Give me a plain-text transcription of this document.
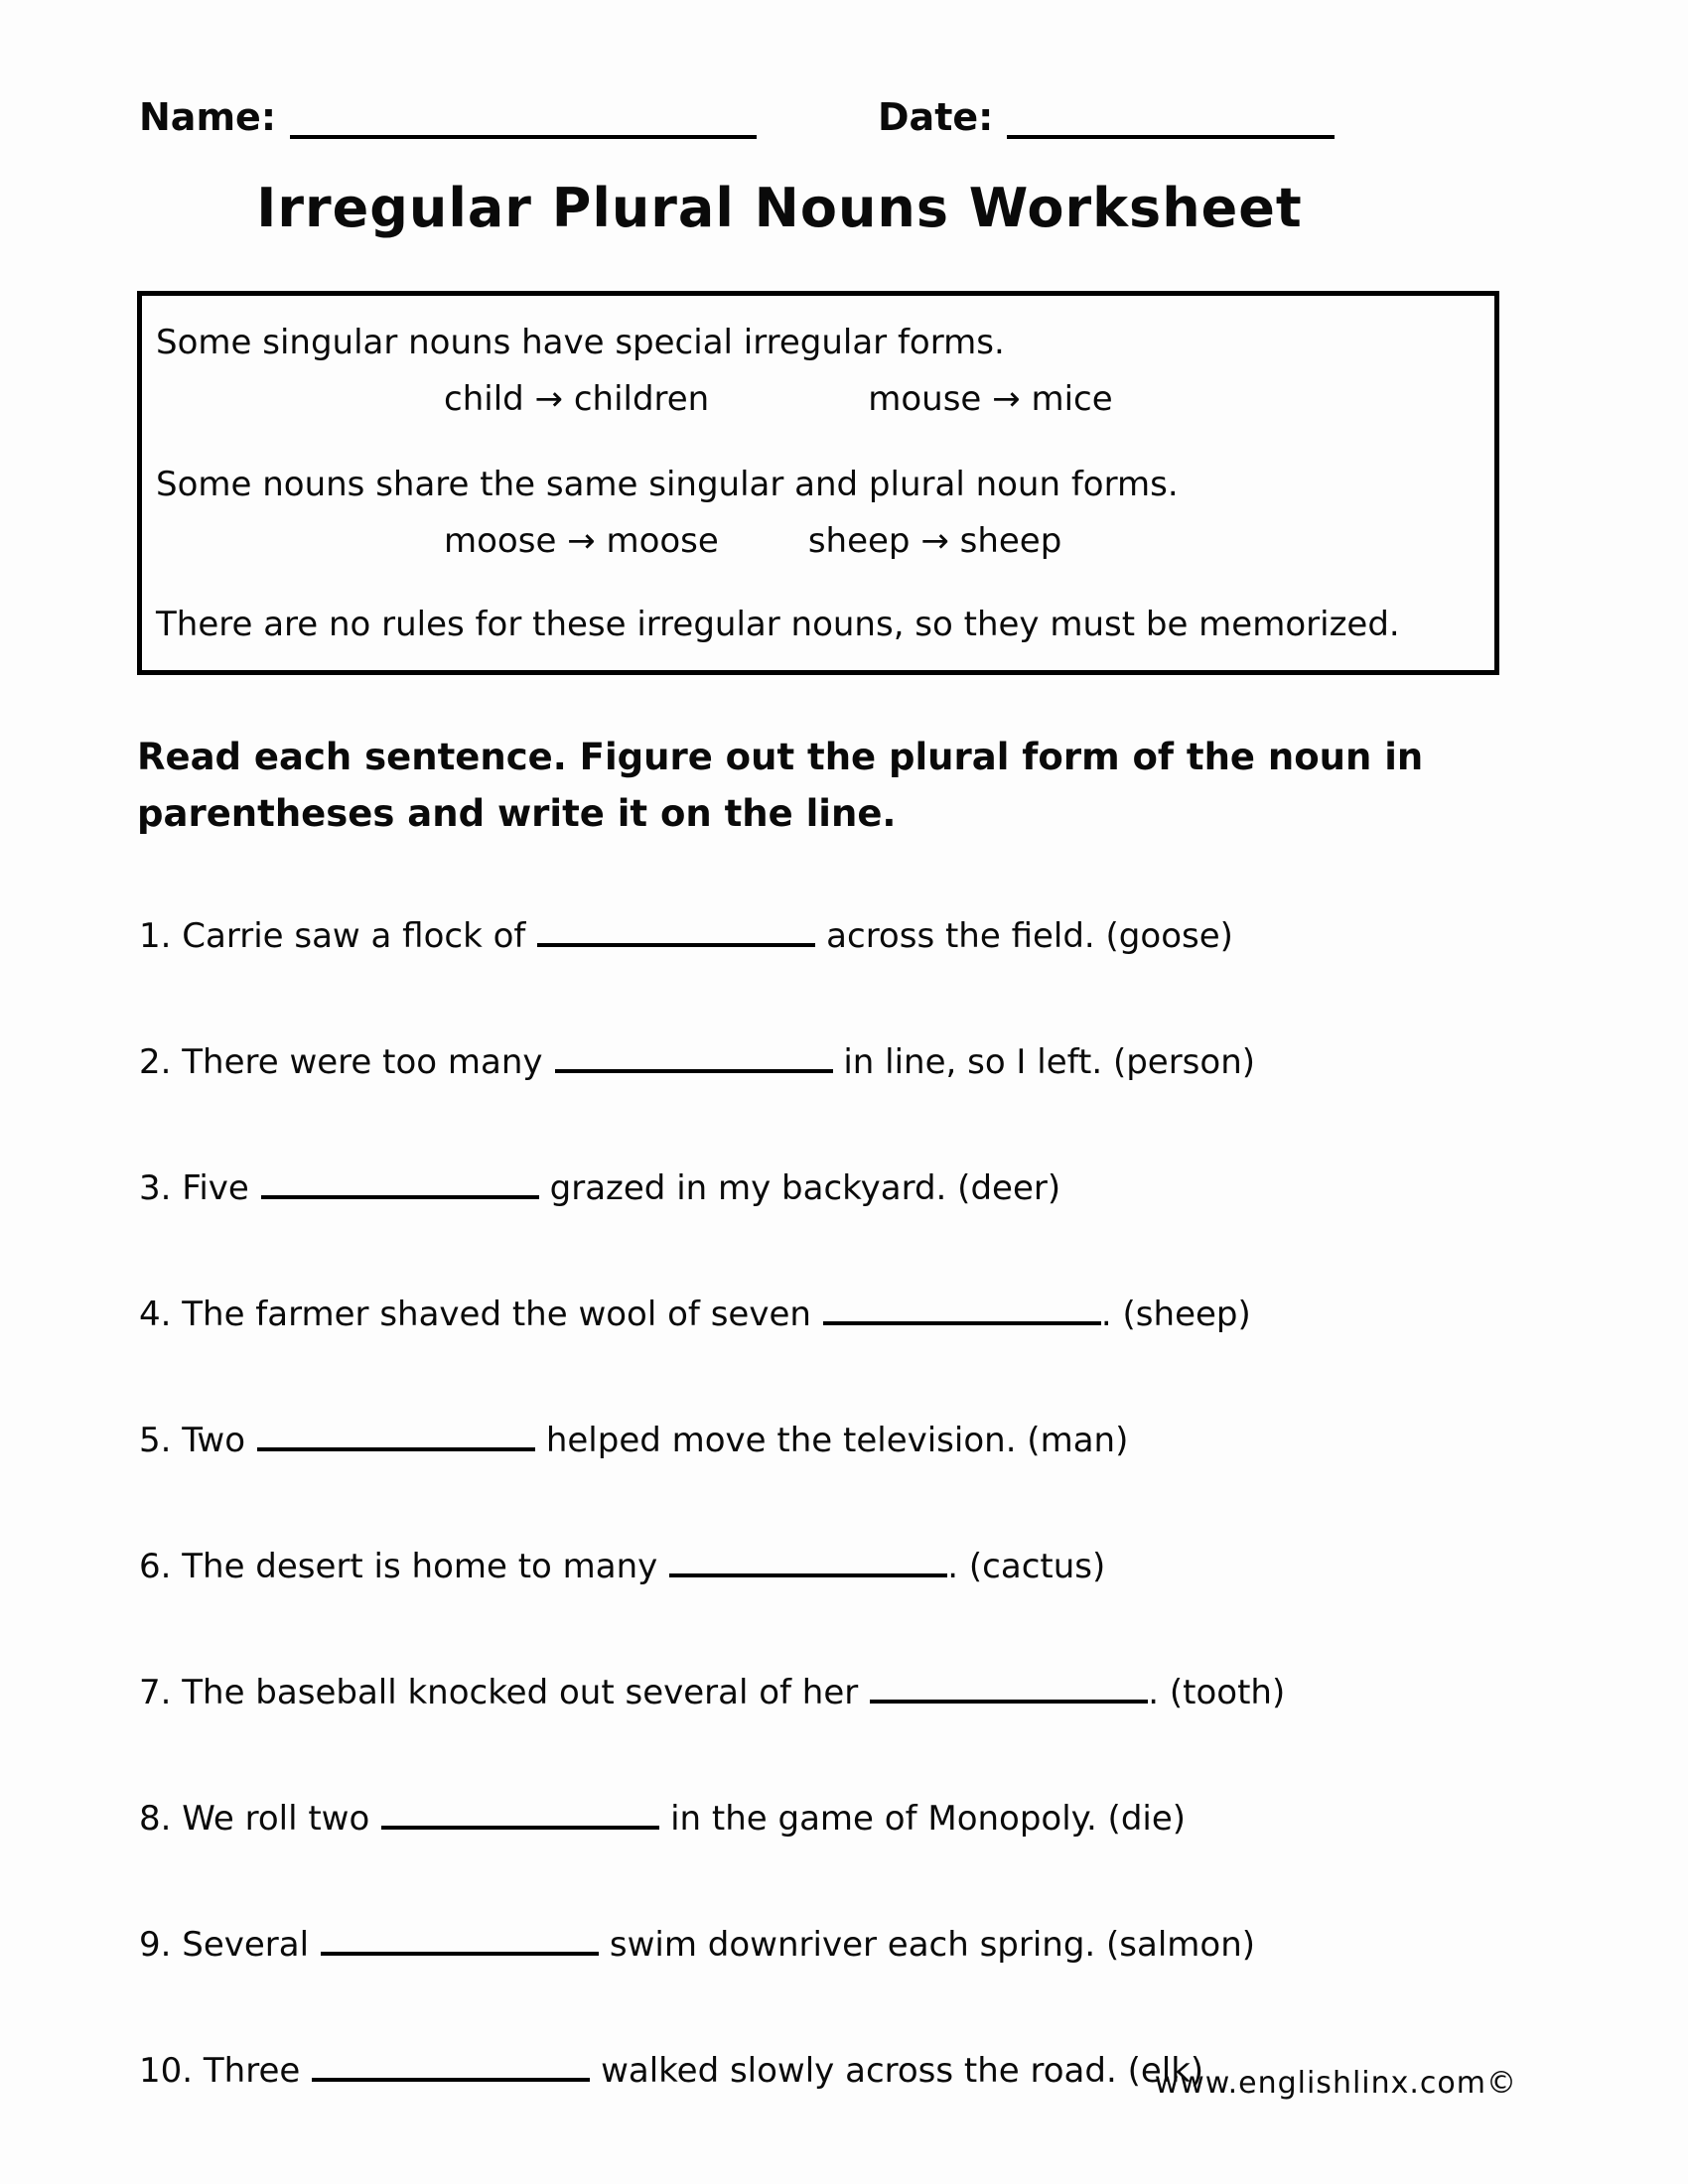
Name:	Date:
Irregular Plural Nouns Worksheet

Some singular nouns have special irregular forms.

child → children	mouse → mice

Some nouns share the same singular and plural noun forms.

moose → moose	sheep → sheep

There are no rules for these irregular nouns, so they must be memorized.

Read each sentence. Figure out the plural form of the noun in parentheses and write it on the line.

1. Carrie saw a flock of	across the field. (goose)

2. There were too many	in line, so I left. (person)

3. Five	grazed in my backyard. (deer)

4. The farmer shaved the wool of seven	. (sheep)

5. Two	helped move the television. (man)

6. The desert is home to many	. (cactus)

7. The baseball knocked out several of her	. (tooth)

8. We roll two	in the game of Monopoly. (die)

9. Several	swim downriver each spring. (salmon)

10. Three	walked slowly across the road. (elk)

www.englishlinx.com©
